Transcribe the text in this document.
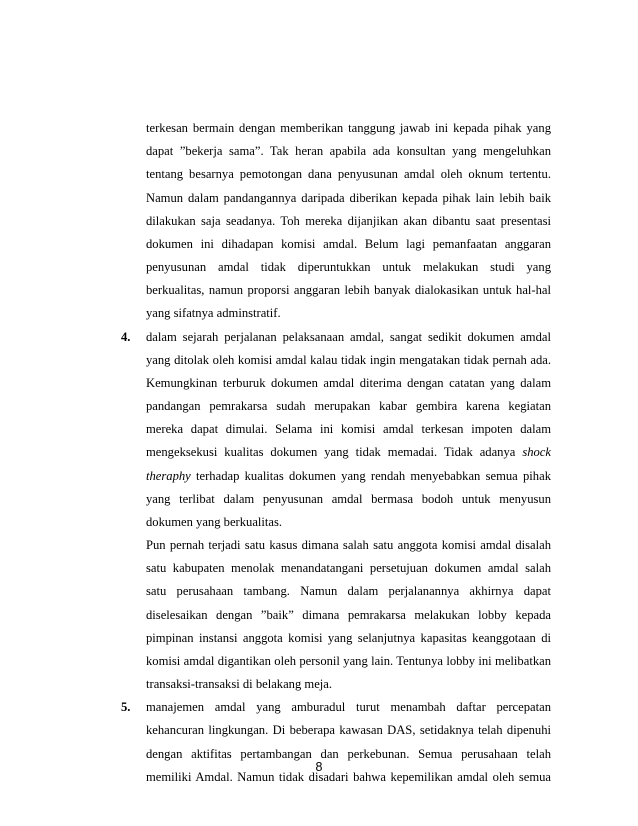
terkesan bermain dengan memberikan tanggung jawab ini kepada pihak yang
dapat ”bekerja sama”. Tak heran apabila ada konsultan yang mengeluhkan
tentang besarnya pemotongan dana penyusunan amdal oleh oknum tertentu.
Namun dalam pandangannya daripada diberikan kepada pihak lain lebih baik
dilakukan saja seadanya. Toh mereka dijanjikan akan dibantu saat presentasi
dokumen ini dihadapan komisi amdal. Belum lagi pemanfaatan anggaran
penyusunan amdal tidak diperuntukkan untuk melakukan studi yang
berkualitas, namun proporsi anggaran lebih banyak dialokasikan untuk hal-hal
yang sifatnya adminstratif.
4. dalam sejarah perjalanan pelaksanaan amdal, sangat sedikit dokumen amdal
yang ditolak oleh komisi amdal kalau tidak ingin mengatakan tidak pernah ada.
Kemungkinan terburuk dokumen amdal diterima dengan catatan yang dalam
pandangan pemrakarsa sudah merupakan kabar gembira karena kegiatan
mereka dapat dimulai. Selama ini komisi amdal terkesan impoten dalam
mengeksekusi kualitas dokumen yang tidak memadai. Tidak adanya shock
theraphy terhadap kualitas dokumen yang rendah menyebabkan semua pihak
yang terlibat dalam penyusunan amdal bermasa bodoh untuk menyusun
dokumen yang berkualitas.
Pun pernah terjadi satu kasus dimana salah satu anggota komisi amdal disalah
satu kabupaten menolak menandatangani persetujuan dokumen amdal salah
satu perusahaan tambang. Namun dalam perjalanannya akhirnya dapat
diselesaikan dengan ”baik” dimana pemrakarsa melakukan lobby kepada
pimpinan instansi anggota komisi yang selanjutnya kapasitas keanggotaan di
komisi amdal digantikan oleh personil yang lain. Tentunya lobby ini melibatkan
transaksi-transaksi di belakang meja.
5. manajemen amdal yang amburadul turut menambah daftar percepatan
kehancuran lingkungan. Di beberapa kawasan DAS, setidaknya telah dipenuhi
dengan aktifitas pertambangan dan perkebunan. Semua perusahaan telah
memiliki Amdal. Namun tidak disadari bahwa kepemilikan amdal oleh semua
8
